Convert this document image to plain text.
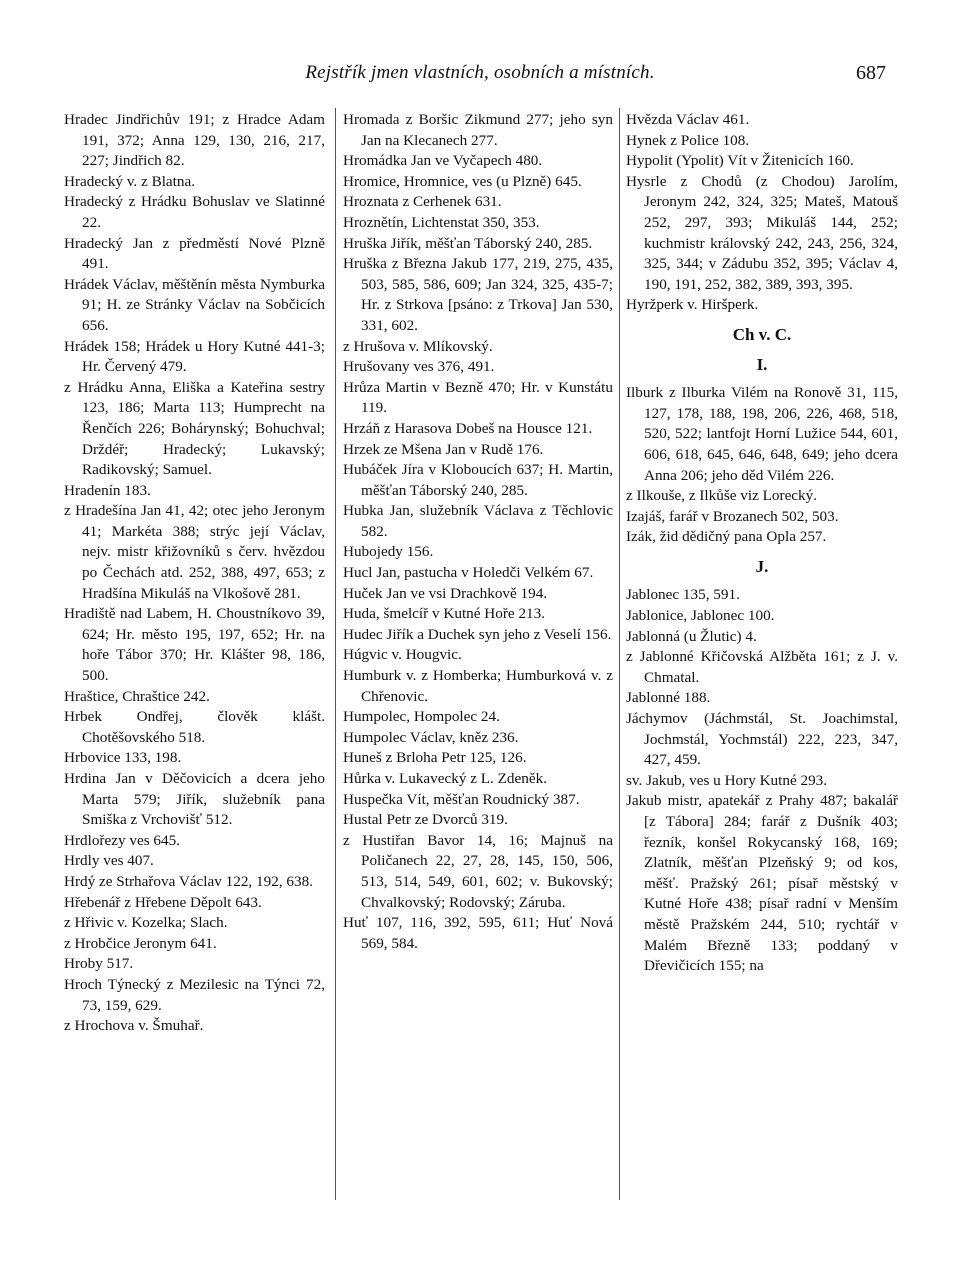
Rejstřík jmen vlastních, osobních a místních.	687

Hradec Jindřichův 191; z Hradce Adam 191, 372; Anna 129, 130, 216, 217, 227; Jindřich 82.

Hradecký v. z Blatna.

Hradecký z Hrádku Bohuslav ve Slatinné 22.

Hradecký Jan z předměstí Nové Plzně 491.

Hrádek Václav, měštěnín města Nymburka 91; H. ze Stránky Václav na Sobčicích 656.

Hrádek 158; Hrádek u Hory Kutné 441-3; Hr. Červený 479.

z Hrádku Anna, Eliška a Kateřina sestry 123, 186; Marta 113; Humprecht na Řenčích 226; Bohárynský; Bohuchval; Drždéř; Hradecký; Lukavský; Radikovský; Samuel.

Hradenín 183.

z Hradešína Jan 41, 42; otec jeho Jeronym 41; Markéta 388; strýc její Václav, nejv. mistr křižovníků s červ. hvězdou po Čechách atd. 252, 388, 497, 653; z Hradšína Mikuláš na Vlkošově 281.

Hradiště nad Labem, H. Choustníkovo 39, 624; Hr. město 195, 197, 652; Hr. na hoře Tábor 370; Hr. Klášter 98, 186, 500.

Hraštice, Chraštice 242.

Hrbek Ondřej, člověk klášt. Chotěšovského 518.

Hrbovice 133, 198.

Hrdina Jan v Děčovicích a dcera jeho Marta 579; Jiřík, služebník pana Smiška z Vrchovišť 512.

Hrdlořezy ves 645.

Hrdly ves 407.

Hrdý ze Strhařova Václav 122, 192, 638.

Hřebenář z Hřebene Děpolt 643.

z Hřivic v. Kozelka; Slach.

z Hrobčice Jeronym 641.

Hroby 517.

Hroch Týnecký z Mezilesic na Týnci 72, 73, 159, 629.

z Hrochova v. Šmuhař.

Hromada z Boršic Zikmund 277; jeho syn Jan na Klecanech 277.

Hromádka Jan ve Vyčapech 480.

Hromice, Hromnice, ves (u Plzně) 645.

Hroznata z Cerhenek 631.

Hroznětín, Lichtenstat 350, 353.

Hruška Jiřík, měšťan Táborský 240, 285.

Hruška z Března Jakub 177, 219, 275, 435, 503, 585, 586, 609; Jan 324, 325, 435-7; Hr. z Strkova [psáno: z Trkova] Jan 530, 331, 602.

z Hrušova v. Mlíkovský.

Hrušovany ves 376, 491.

Hrůza Martin v Bezně 470; Hr. v Kunstátu 119.

Hrzáň z Harasova Dobeš na Housce 121.

Hrzek ze Mšena Jan v Rudě 176.

Hubáček Jíra v Kloboucích 637; H. Martin, měšťan Táborský 240, 285.

Hubka Jan, služebník Václava z Těchlovic 582.

Hubojedy 156.

Hucl Jan, pastucha v Holedči Velkém 67.

Huček Jan ve vsi Drachkově 194.

Huda, šmelcíř v Kutné Hoře 213.

Hudec Jiřík a Duchek syn jeho z Veselí 156.

Húgvic v. Hougvic.

Humburk v. z Homberka; Humburková v. z Chřenovic.

Humpolec, Hompolec 24.

Humpolec Václav, kněz 236.

Huneš z Brloha Petr 125, 126.

Hůrka v. Lukavecký z L. Zdeněk.

Huspečka Vít, měšťan Roudnický 387.

Hustal Petr ze Dvorců 319.

z Hustiřan Bavor 14, 16; Majnuš na Poličanech 22, 27, 28, 145, 150, 506, 513, 514, 549, 601, 602; v. Bukovský; Chvalkovský; Rodovský; Záruba.

Huť 107, 116, 392, 595, 611; Huť Nová 569, 584.

Hvězda Václav 461.

Hynek z Police 108.

Hypolit (Ypolit) Vít v Žitenicích 160.

Hysrle z Chodů (z Chodou) Jarolím, Jeronym 242, 324, 325; Mateš, Matouš 252, 297, 393; Mikuláš 144, 252; kuchmistr královský 242, 243, 256, 324, 325, 344; v Zádubu 352, 395; Václav 4, 190, 191, 252, 382, 389, 393, 395.

Hyržperk v. Hiršperk.

Ch v. C.
I.

Ilburk z Ilburka Vilém na Ronově 31, 115, 127, 178, 188, 198, 206, 226, 468, 518, 520, 522; lantfojt Horní Lužice 544, 601, 606, 618, 645, 646, 648, 649; jeho dcera Anna 206; jeho děd Vilém 226.

z Ilkouše, z Ilkůše viz Lorecký.

Izajáš, farář v Brozanech 502, 503.

Izák, žid dědičný pana Opla 257.

J.

Jablonec 135, 591.

Jablonice, Jablonec 100.

Jablonná (u Žlutic) 4.

z Jablonné Křičovská Alžběta 161; z J. v. Chmatal.

Jablonné 188.

Jáchymov (Jáchmstál, St. Joachimstal, Jochmstál, Yochmstál) 222, 223, 347, 427, 459.

sv. Jakub, ves u Hory Kutné 293.

Jakub mistr, apatekář z Prahy 487; bakalář [z Tábora] 284; farář z Dušník 403; řezník, konšel Rokycanský 168, 169; Zlatník, měšťan Plzeňský 9; od kos, měšť. Pražský 261; písař městský v Kutné Hoře 438; písař radní v Menším městě Pražském 244, 510; rychtář v Malém Březně 133; poddaný v Dřevičicích 155; na
